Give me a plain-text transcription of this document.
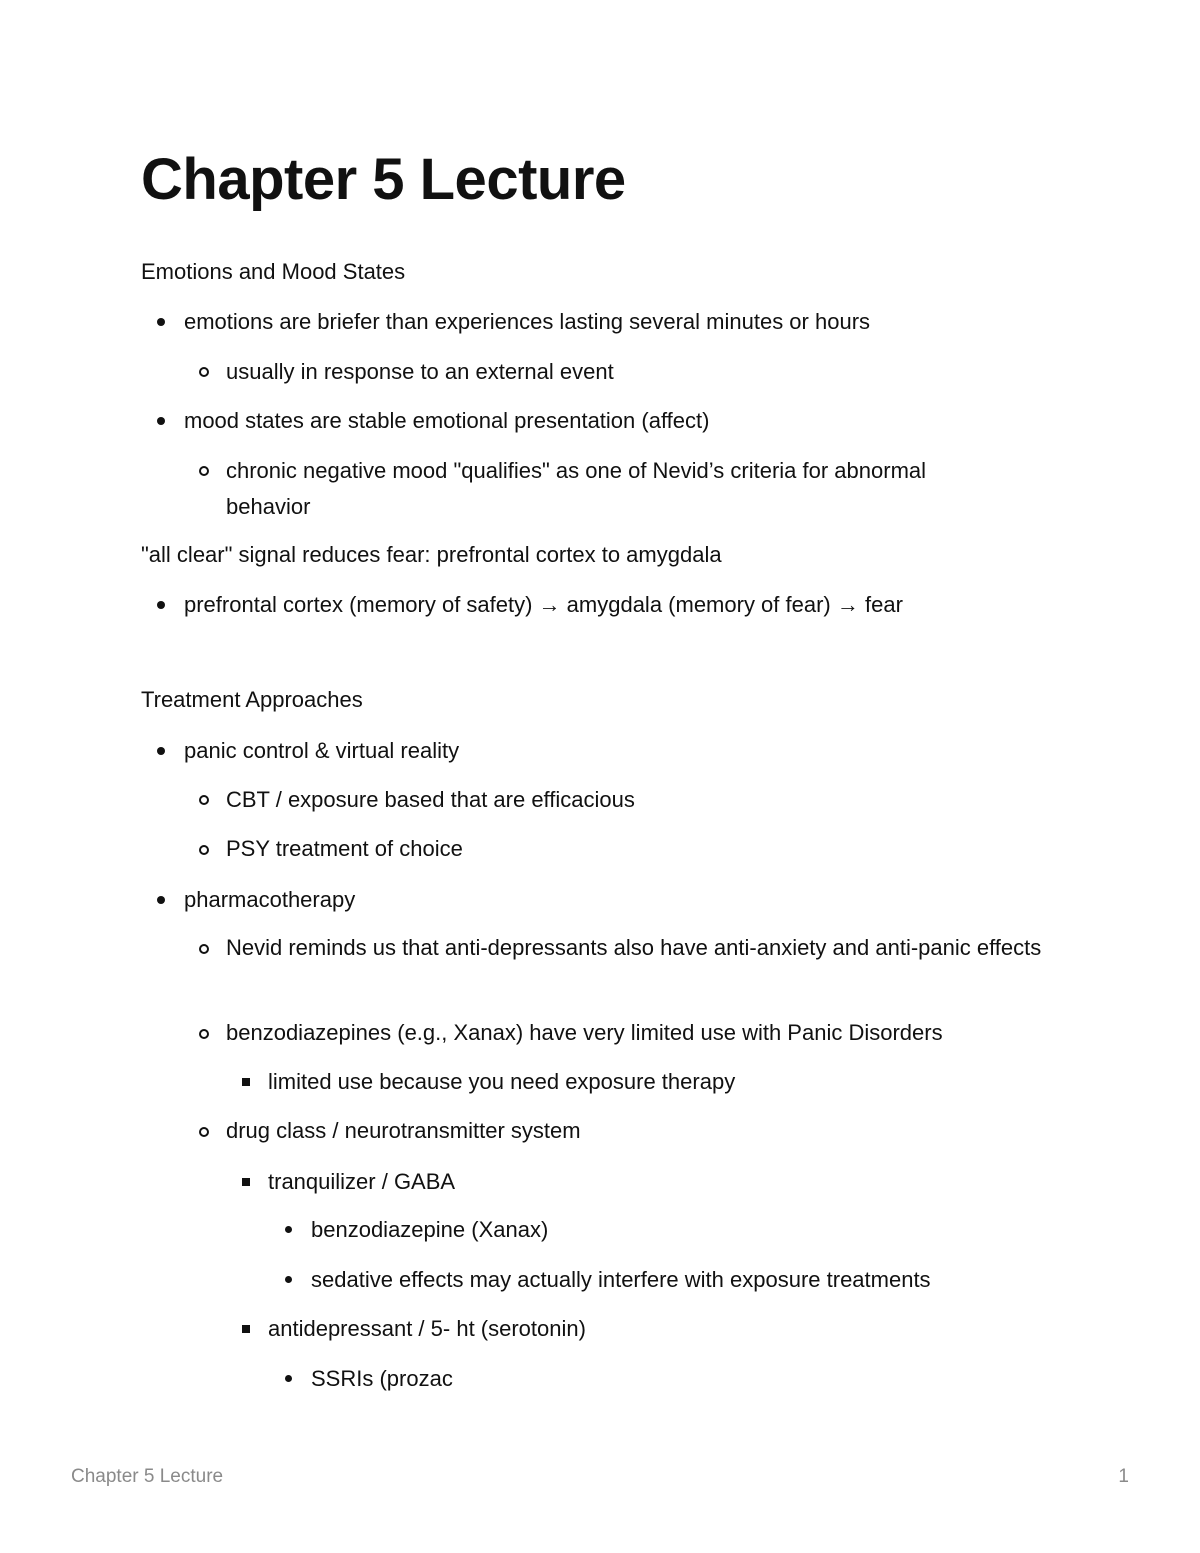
Chapter 5 Lecture
Emotions and Mood States
emotions are briefer than experiences lasting several minutes or hours
usually in response to an external event
mood states are stable emotional presentation (affect)
chronic negative mood "qualifies" as one of Nevid’s criteria for abnormal behavior
"all clear" signal reduces fear: prefrontal cortex to amygdala
prefrontal cortex (memory of safety) → amygdala (memory of fear) → fear
Treatment Approaches
panic control & virtual reality
CBT / exposure based that are efficacious
PSY treatment of choice
pharmacotherapy
Nevid reminds us that anti-depressants also have anti-anxiety and anti-panic effects
benzodiazepines (e.g., Xanax) have very limited use with Panic Disorders
limited use because you need exposure therapy
drug class / neurotransmitter system
tranquilizer / GABA
benzodiazepine (Xanax)
sedative effects may actually interfere with exposure treatments
antidepressant / 5- ht (serotonin)
SSRIs (prozac
Chapter 5 Lecture	1
